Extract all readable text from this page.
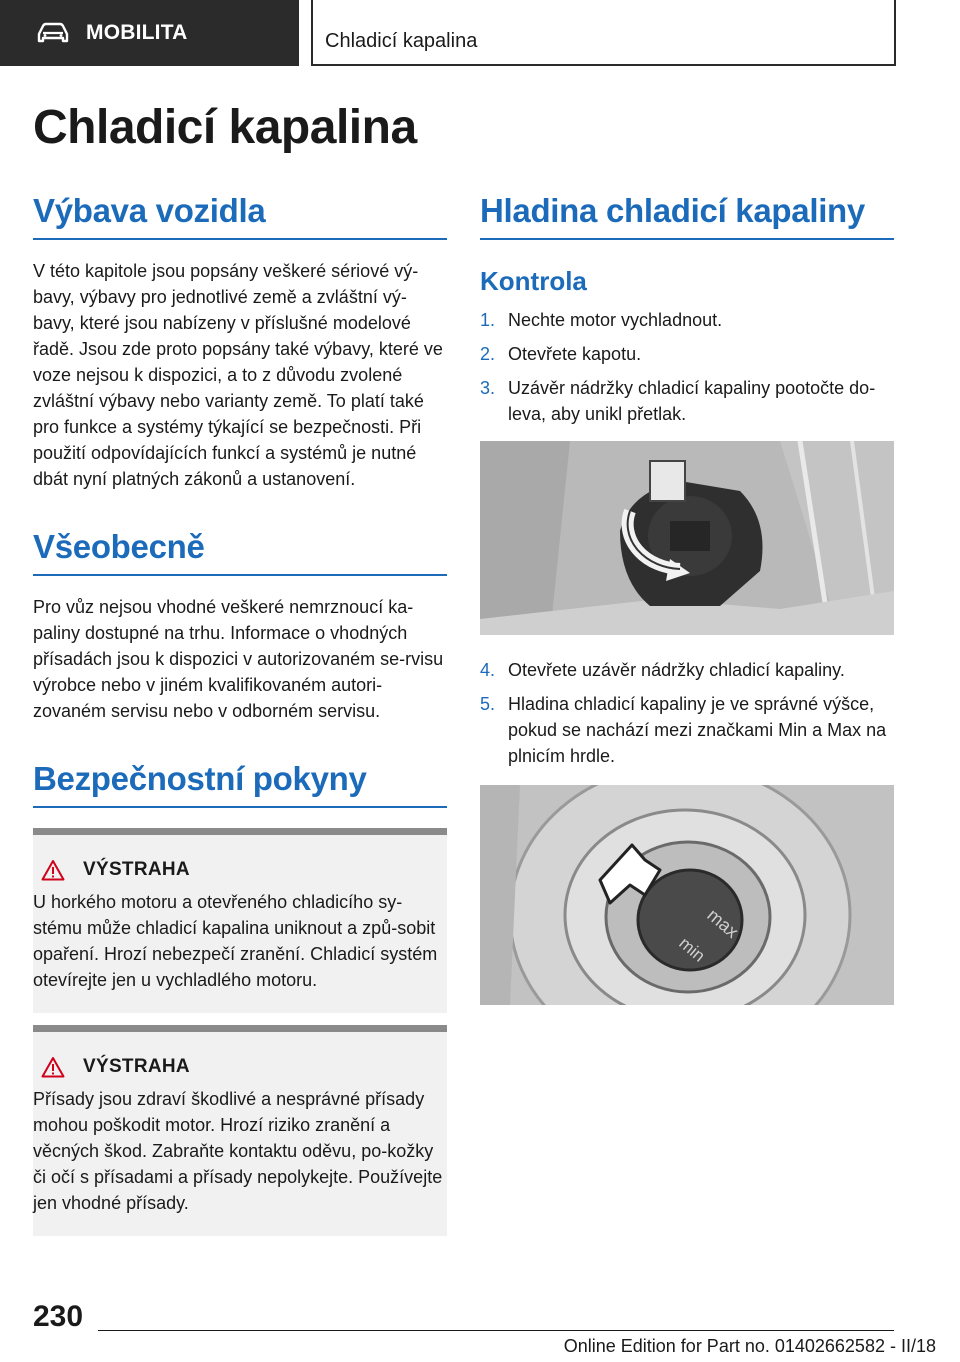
MOBILITA	Chladicí kapalina
Chladicí kapalina
Výbava vozidla

V této kapitole jsou popsány veškeré sériové vý-bavy, výbavy pro jednotlivé země a zvláštní vý-bavy, které jsou nabízeny v příslušné modelové řadě. Jsou zde proto popsány také výbavy, které ve voze nejsou k dispozici, a to z důvodu zvolené zvláštní výbavy nebo varianty země. To platí také pro funkce a systémy týkající se bezpečnosti. Při použití odpovídajících funkcí a systémů je nutné dbát nyní platných zákonů a ustanovení.

Všeobecně

Pro vůz nejsou vhodné veškeré nemrznoucí ka-paliny dostupné na trhu. Informace o vhodných přísadách jsou k dispozici v autorizovaném se-rvisu výrobce nebo v jiném kvalifikovaném autori-zovaném servisu nebo v odborném servisu.

Bezpečnostní pokyny
VÝSTRAHA

U horkého motoru a otevřeného chladicího sy-stému může chladicí kapalina uniknout a způ-sobit opaření. Hrozí nebezpečí zranění. Chladicí systém otevírejte jen u vychladlého motoru.

VÝSTRAHA

Přísady jsou zdraví škodlivé a nesprávné přísady mohou poškodit motor. Hrozí riziko zranění a věcných škod. Zabraňte kontaktu oděvu, po-kožky či očí s přísadami a přísady nepolykejte. Používejte jen vhodné přísady.

Hladina chladicí kapaliny
Kontrola
1. Nechte motor vychladnout.
2. Otevřete kapotu.
3. Uzávěr nádržky chladicí kapaliny pootočte do-leva, aby unikl přetlak.
4. Otevřete uzávěr nádržky chladicí kapaliny.
5. Hladina chladicí kapaliny je ve správné výšce, pokud se nachází mezi značkami Min a Max na plnicím hrdle.
max
min
230
Online Edition for Part no. 01402662582 - II/18
